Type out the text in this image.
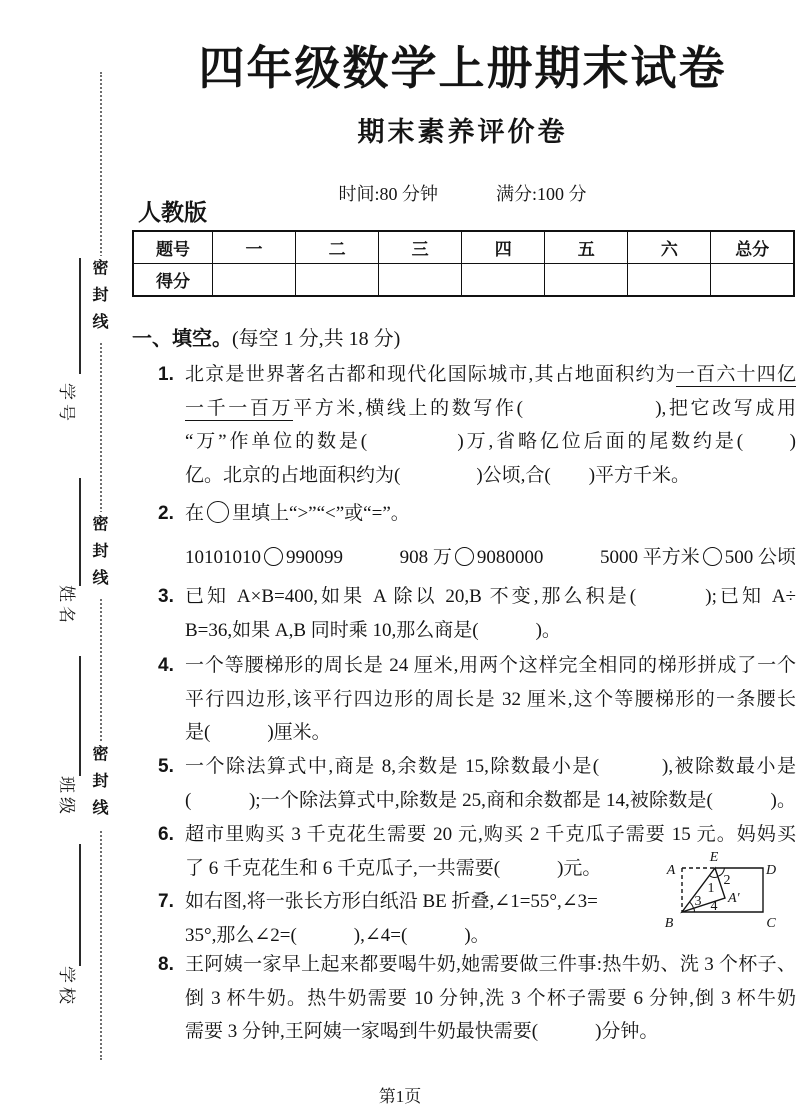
密封线
密封线
密封线
学号
姓名
班级
学校
四年级数学上册期末试卷
期末素养评价卷
时间:80 分钟	满分:100 分
人教版
题号	一	二	三	四	五	六	总分
得分							
一、填空。(每空 1 分,共 18 分)
1. 北京是世界著名古都和现代化国际城市,其占地面积约为一百六十四亿
一千一百万平方米,横线上的数写作(　　　　　　),把它改写成用
“万”作单位的数是(　　　　)万,省略亿位后面的尾数约是(　　)
亿。北京的占地面积约为(　　　　)公顷,合(　　)平方千米。
2. 在 里填上“>”“<”或“=”。
10101010 990099	908 万 9080000	5000 平方米 500 公顷
3. 已知 A×B=400,如果 A 除以 20,B 不变,那么积是(　　　);已知 A÷
B=36,如果 A,B 同时乘 10,那么商是(　　　)。
4. 一个等腰梯形的周长是 24 厘米,用两个这样完全相同的梯形拼成了一个
平行四边形,该平行四边形的周长是 32 厘米,这个等腰梯形的一条腰长
是(　　　)厘米。
5. 一个除法算式中,商是 8,余数是 15,除数最小是(　　　),被除数最小是
(　　　);一个除法算式中,除数是 25,商和余数都是 14,被除数是(　　　)。
6. 超市里购买 3 千克花生需要 20 元,购买 2 千克瓜子需要 15 元。妈妈买
了 6 千克花生和 6 千克瓜子,一共需要(　　　)元。
7. 如右图,将一张长方形白纸沿 BE 折叠,∠1=55°,∠3=
35°,那么∠2=(　　　),∠4=(　　　)。
A
E
D
B	C
A′
1
2
3 4
8. 王阿姨一家早上起来都要喝牛奶,她需要做三件事:热牛奶、洗 3 个杯子、
倒 3 杯牛奶。热牛奶需要 10 分钟,洗 3 个杯子需要 6 分钟,倒 3 杯牛奶
需要 3 分钟,王阿姨一家喝到牛奶最快需要(　　　)分钟。
第1页
